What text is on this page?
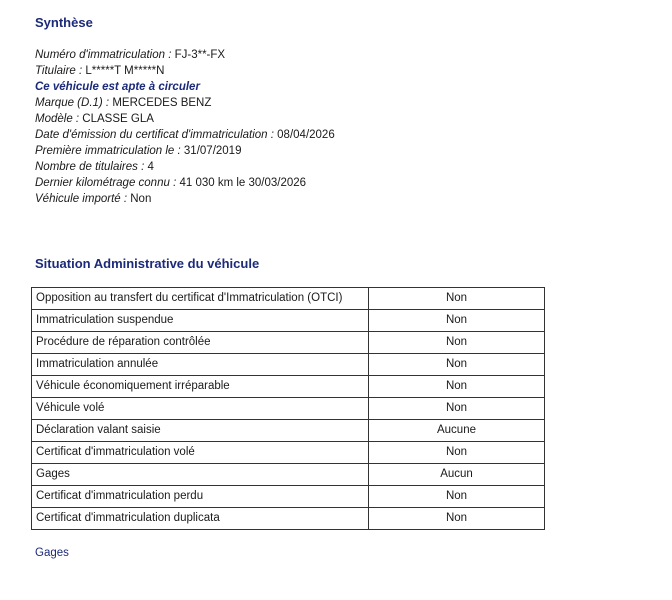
Synthèse
Numéro d'immatriculation : FJ-3**-FX
Titulaire : L*****T M*****N
Ce véhicule est apte à circuler
Marque (D.1) : MERCEDES BENZ
Modèle : CLASSE GLA
Date d'émission du certificat d'immatriculation : 08/04/2026
Première immatriculation le : 31/07/2019
Nombre de titulaires : 4
Dernier kilométrage connu : 41 030 km le 30/03/2026
Véhicule importé : Non
Situation Administrative du véhicule
Opposition au transfert du certificat d'Immatriculation (OTCI)	Non
Immatriculation suspendue	Non
Procédure de réparation contrôlée	Non
Immatriculation annulée	Non
Véhicule économiquement irréparable	Non
Véhicule volé	Non
Déclaration valant saisie	Aucune
Certificat d'immatriculation volé	Non
Gages	Aucun
Certificat d'immatriculation perdu	Non
Certificat d'immatriculation duplicata	Non
Gages
